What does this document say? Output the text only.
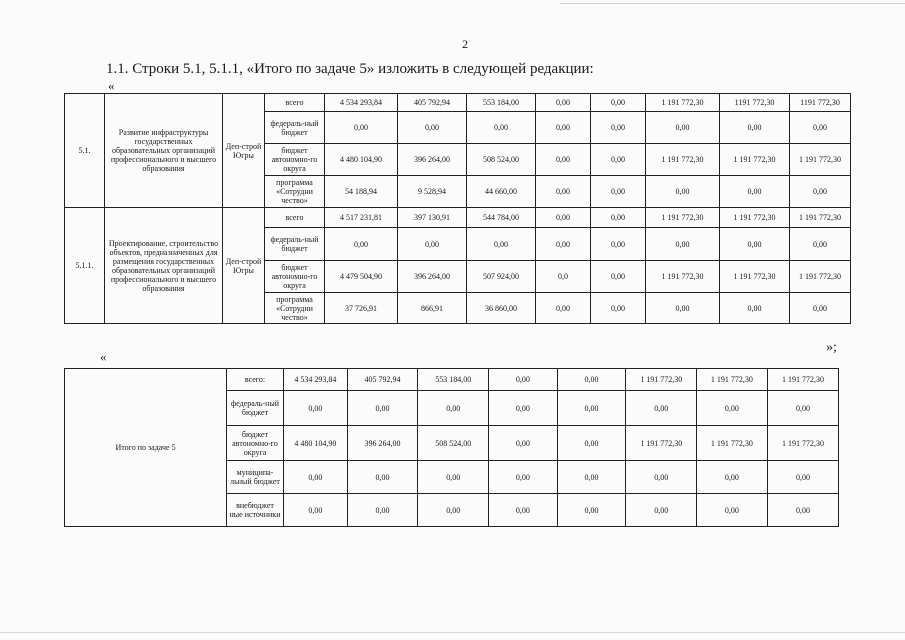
2
1.1. Строки 5.1, 5.1.1, «Итого по задаче 5» изложить в следующей редакции:
«
5.1.	Развитие инфраструктуры государственных образовательных организаций профессионального и высшего образования	Деп-строй Югры	всего	4 534 293,84	405 792,94	553 184,00	0,00	0,00	1 191 772,30	1191 772,30	1191 772,30
			федераль-ный бюджет	0,00	0,00	0,00	0,00	0,00	0,00	0,00	0,00
			бюджет автономно-го округа	4 480 104,90	396 264,00	508 524,00	0,00	0,00	1 191 772,30	1 191 772,30	1 191 772,30
			программа «Сотрудни чество»	54 188,94	9 528,94	44 660,00	0,00	0,00	0,00	0,00	0,00
5.1.1.	Проектирование, строительство объектов, предназначенных для размещения государственных образовательных организаций профессионального и высшего образования	Деп-строй Югры	всего	4 517 231,81	397 130,91	544 784,00	0,00	0,00	1 191 772,30	1 191 772,30	1 191 772,30
			федераль-ный бюджет	0,00	0,00	0,00	0,00	0,00	0,00	0,00	0,00
			бюджет автономно-го округа	4 479 504,90	396 264,00	507 924,00	0,0	0,00	1 191 772,30	1 191 772,30	1 191 772,30
			программа «Сотрудни чество»	37 726,91	866,91	36 860,00	0,00	0,00	0,00	0,00	0,00
«
»;
Итого по задаче 5	всего:	4 534 293,84	405 792,94	553 184,00	0,00	0,00	1 191 772,30	1 191 772,30	1 191 772,30
	федераль-ный бюджет	0,00	0,00	0,00	0,00	0,00	0,00	0,00	0,00
	бюджет автономно-го округа	4 480 104,90	396 264,00	508 524,00	0,00	0,00	1 191 772,30	1 191 772,30	1 191 772,30
	муниципа-льный бюджет	0,00	0,00	0,00	0,00	0,00	0,00	0,00	0,00
	внебюджет ные источники	0,00	0,00	0,00	0,00	0,00	0,00	0,00	0,00
